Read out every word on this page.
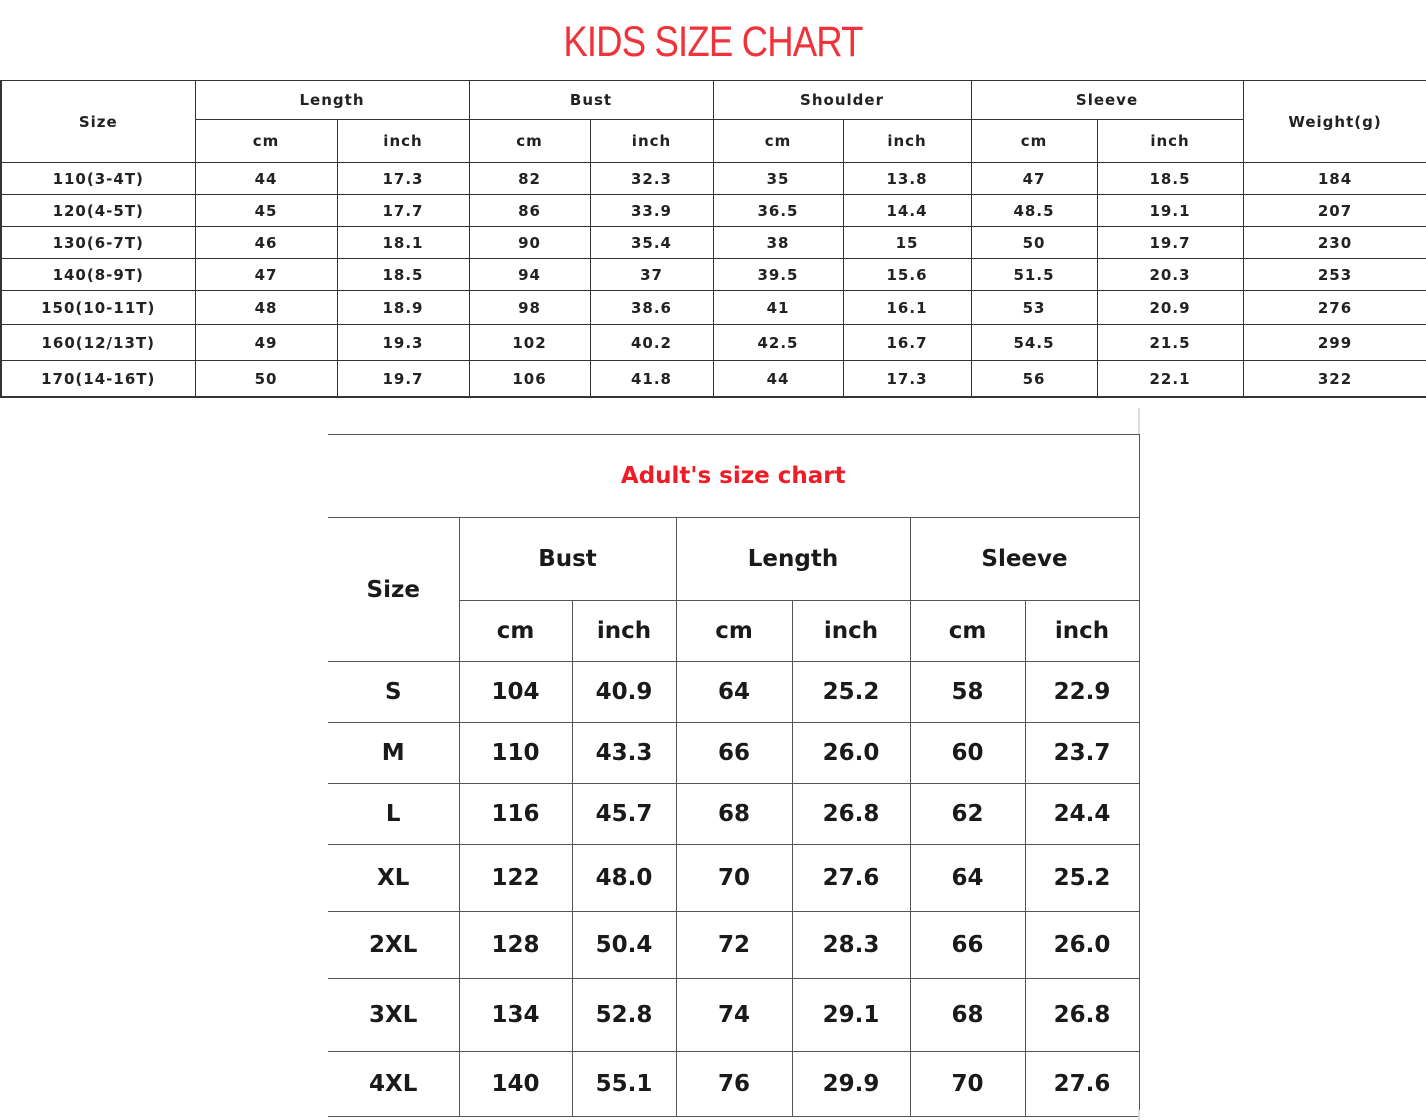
KIDS SIZE CHART
Size	Length		Bust		Shoulder		Sleeve		Weight(g)
	cm	inch	cm	inch	cm	inch	cm	inch	
110(3-4T)	44	17.3	82	32.3	35	13.8	47	18.5	184
120(4-5T)	45	17.7	86	33.9	36.5	14.4	48.5	19.1	207
130(6-7T)	46	18.1	90	35.4	38	15	50	19.7	230
140(8-9T)	47	18.5	94	37	39.5	15.6	51.5	20.3	253
150(10-11T)	48	18.9	98	38.6	41	16.1	53	20.9	276
160(12/13T)	49	19.3	102	40.2	42.5	16.7	54.5	21.5	299
170(14-16T)	50	19.7	106	41.8	44	17.3	56	22.1	322
Adult's size chart						
Size	Bust		Length		Sleeve	
	cm	inch	cm	inch	cm	inch
S	104	40.9	64	25.2	58	22.9
M	110	43.3	66	26.0	60	23.7
L	116	45.7	68	26.8	62	24.4
XL	122	48.0	70	27.6	64	25.2
2XL	128	50.4	72	28.3	66	26.0
3XL	134	52.8	74	29.1	68	26.8
4XL	140	55.1	76	29.9	70	27.6
